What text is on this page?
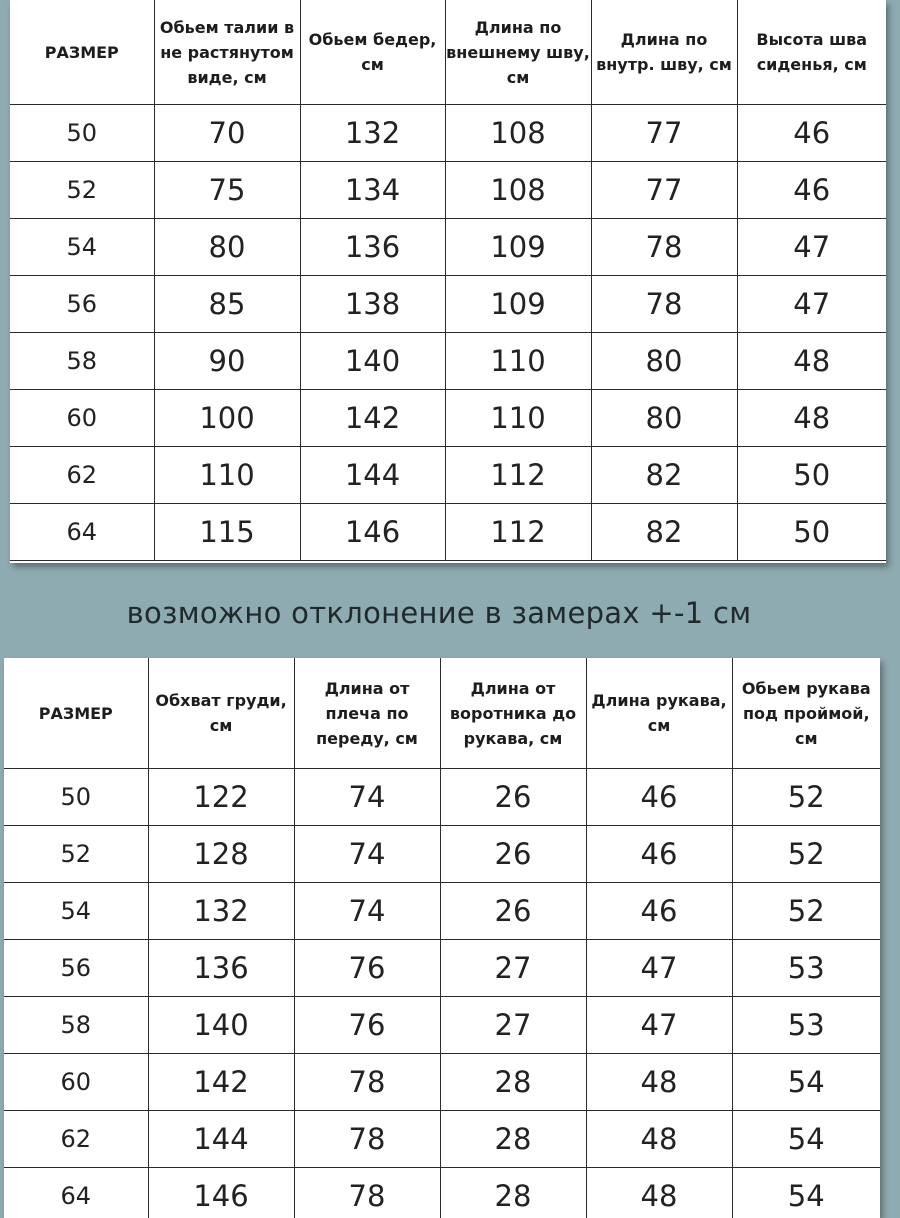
РАЗМЕР	Обьем талии в не растянутом виде, см	Обьем бедер, см	Длина по внешнему шву, см	Длина по внутр. шву, см	Высота шва сиденья, см
50	70	132	108	77	46
52	75	134	108	77	46
54	80	136	109	78	47
56	85	138	109	78	47
58	90	140	110	80	48
60	100	142	110	80	48
62	110	144	112	82	50
64	115	146	112	82	50
возможно отклонение в замерах +-1 см
РАЗМЕР	Обхват груди, см	Длина от плеча по переду, см	Длина от воротника до рукава, см	Длина рукава, см	Обьем рукава под проймой, см
50	122	74	26	46	52
52	128	74	26	46	52
54	132	74	26	46	52
56	136	76	27	47	53
58	140	76	27	47	53
60	142	78	28	48	54
62	144	78	28	48	54
64	146	78	28	48	54
